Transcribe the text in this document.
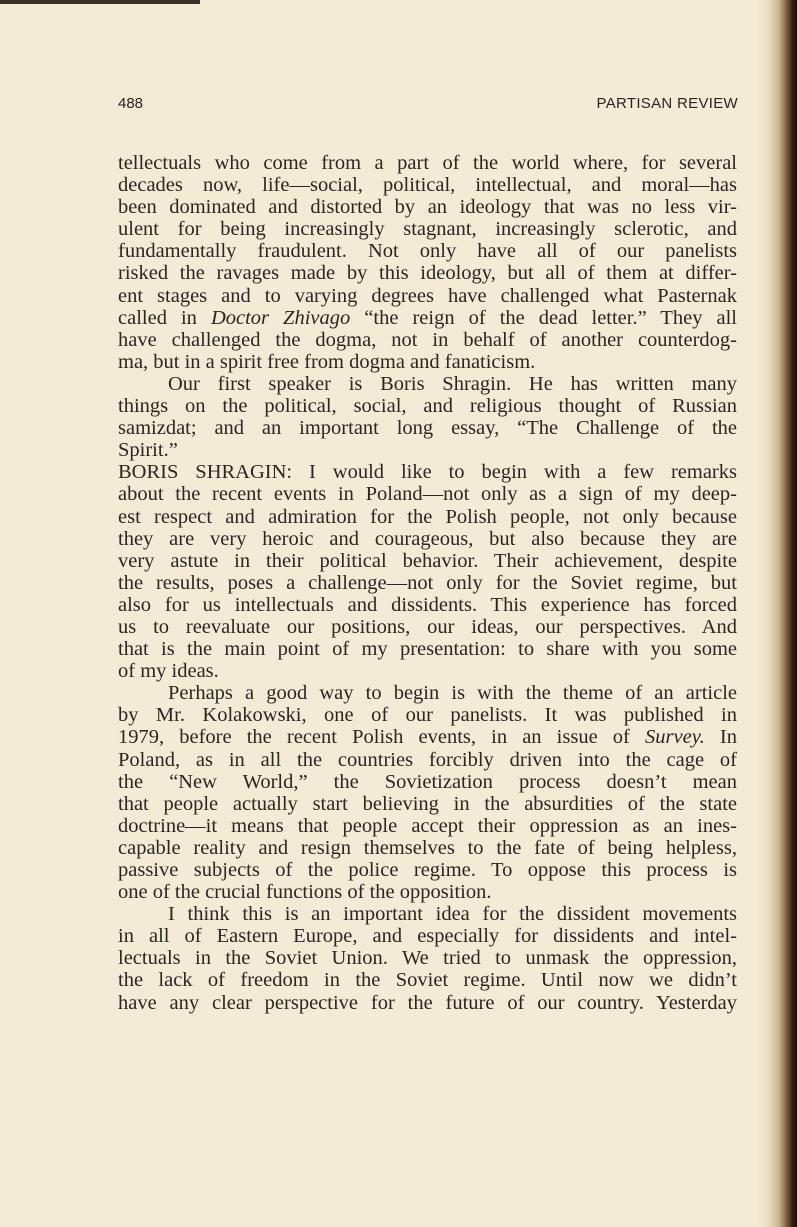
488	PARTISAN REVIEW
tellectuals who come from a part of the world where, for several
decades now, life—social, political, intellectual, and moral—has
been dominated and distorted by an ideology that was no less vir-
ulent for being increasingly stagnant, increasingly sclerotic, and
fundamentally fraudulent. Not only have all of our panelists
risked the ravages made by this ideology, but all of them at differ-
ent stages and to varying degrees have challenged what Pasternak
called in Doctor Zhivago “the reign of the dead letter.” They all
have challenged the dogma, not in behalf of another counterdog-
ma, but in a spirit free from dogma and fanaticism.
Our first speaker is Boris Shragin. He has written many
things on the political, social, and religious thought of Russian
samizdat; and an important long essay, “The Challenge of the
Spirit.”
BORIS SHRAGIN: I would like to begin with a few remarks
about the recent events in Poland—not only as a sign of my deep-
est respect and admiration for the Polish people, not only because
they are very heroic and courageous, but also because they are
very astute in their political behavior. Their achievement, despite
the results, poses a challenge—not only for the Soviet regime, but
also for us intellectuals and dissidents. This experience has forced
us to reevaluate our positions, our ideas, our perspectives. And
that is the main point of my presentation: to share with you some
of my ideas.
Perhaps a good way to begin is with the theme of an article
by Mr. Kolakowski, one of our panelists. It was published in
1979, before the recent Polish events, in an issue of Survey. In
Poland, as in all the countries forcibly driven into the cage of
the “New World,” the Sovietization process doesn’t mean
that people actually start believing in the absurdities of the state
doctrine—it means that people accept their oppression as an ines-
capable reality and resign themselves to the fate of being helpless,
passive subjects of the police regime. To oppose this process is
one of the crucial functions of the opposition.
I think this is an important idea for the dissident movements
in all of Eastern Europe, and especially for dissidents and intel-
lectuals in the Soviet Union. We tried to unmask the oppression,
the lack of freedom in the Soviet regime. Until now we didn’t
have any clear perspective for the future of our country. Yesterday
